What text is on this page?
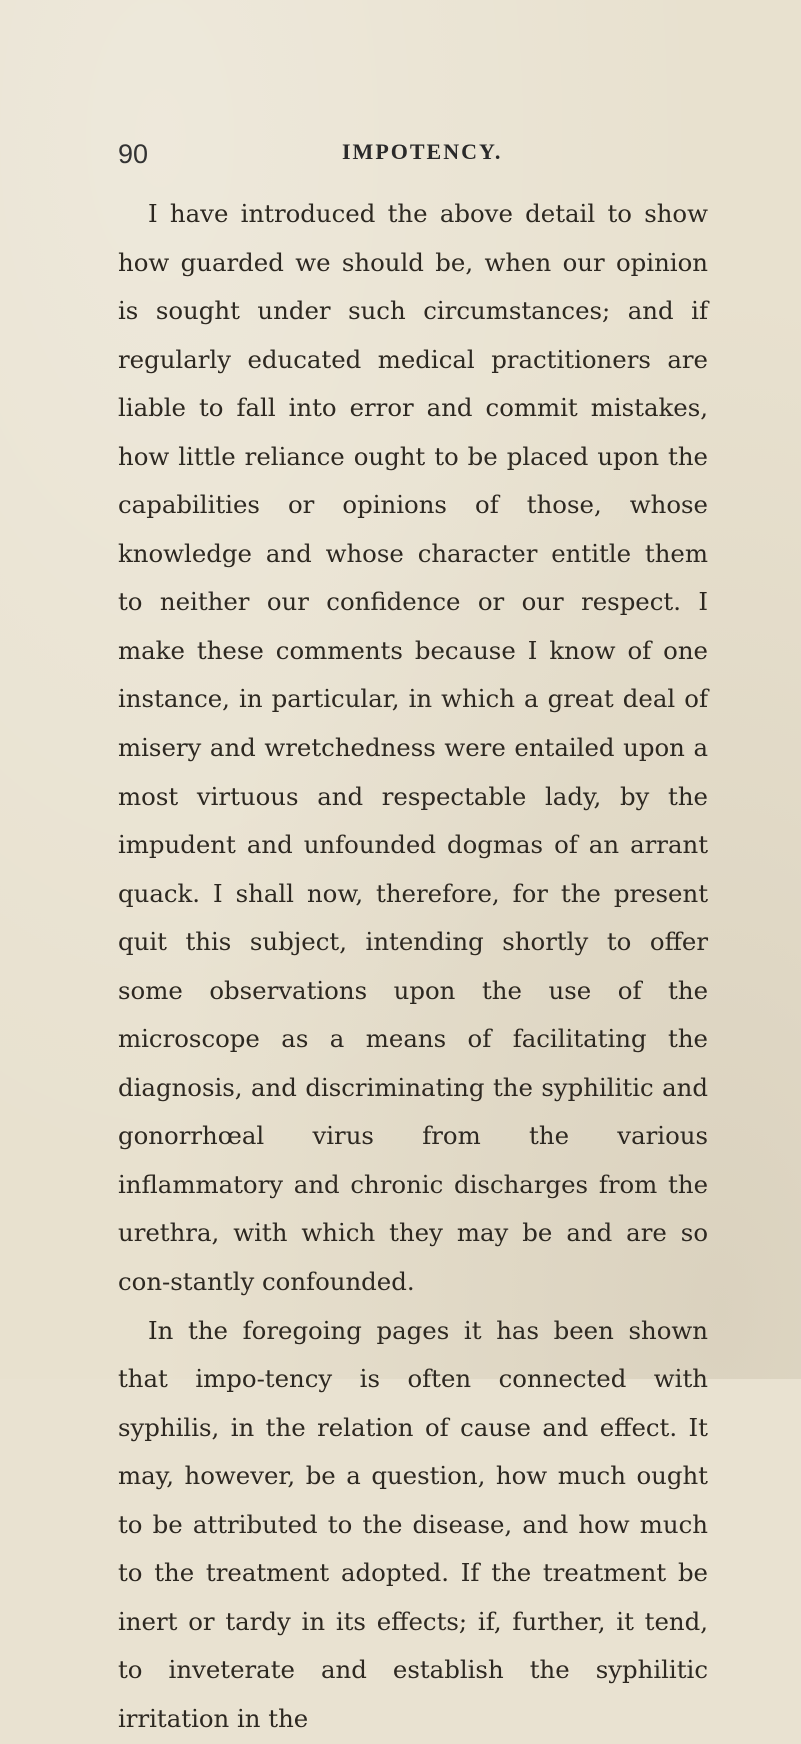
90	IMPOTENCY.

I have introduced the above detail to show how guarded we should be, when our opinion is sought under such circumstances; and if regularly educated medical practitioners are liable to fall into error and commit mistakes, how little reliance ought to be placed upon the capabilities or opinions of those, whose knowledge and whose character entitle them to neither our confidence or our respect. I make these comments because I know of one instance, in particular, in which a great deal of misery and wretchedness were entailed upon a most virtuous and respectable lady, by the impudent and unfounded dogmas of an arrant quack. I shall now, therefore, for the present quit this subject, intending shortly to offer some observations upon the use of the microscope as a means of facilitating the diagnosis, and discriminating the syphilitic and gonorrhœal virus from the various inflammatory and chronic discharges from the urethra, with which they may be and are so con-stantly confounded.

In the foregoing pages it has been shown that impo-tency is often connected with syphilis, in the relation of cause and effect. It may, however, be a question, how much ought to be attributed to the disease, and how much to the treatment adopted. If the treatment be inert or tardy in its effects; if, further, it tend, to inveterate and establish the syphilitic irritation in the
